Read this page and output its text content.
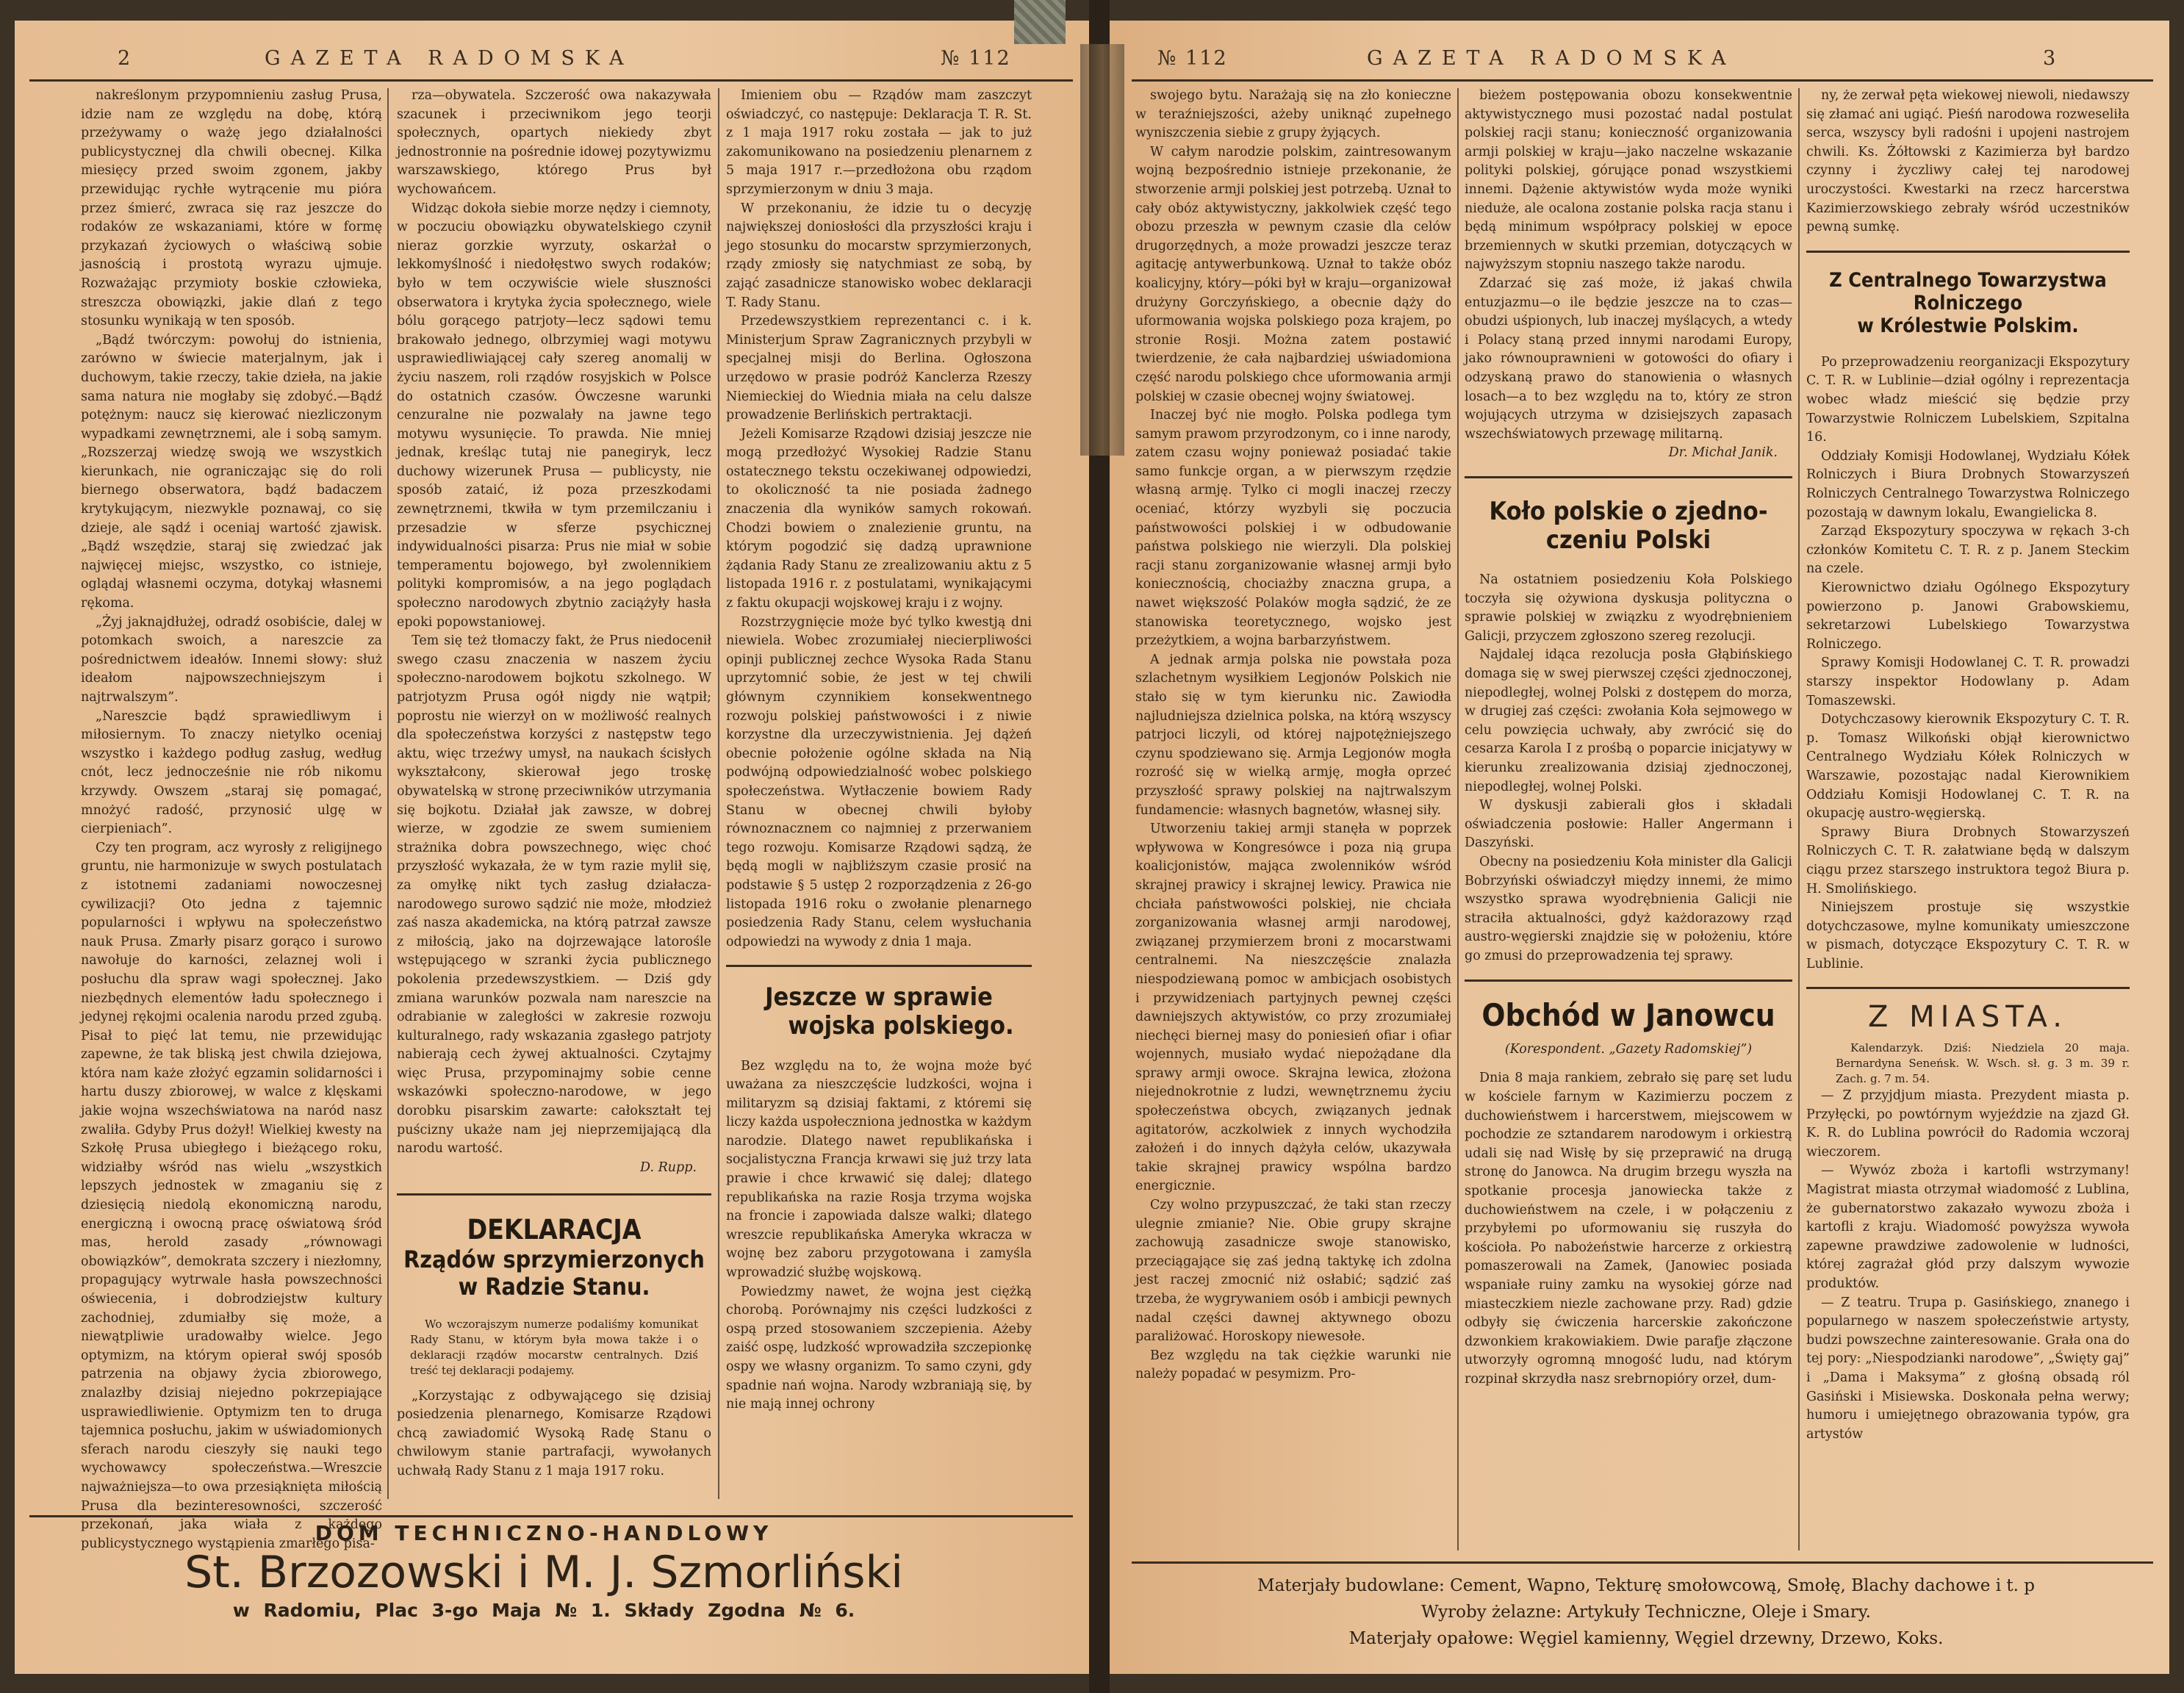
2	GAZETA RADOMSKA	№ 112	№ 112	GAZETA RADOMSKA	3

nakreślonym przypomnieniu zasług Prusa, idzie nam ze względu na dobę, którą przeżywamy o ważę jego działalności publicystycznej dla chwili obecnej. Kilka miesięcy przed swoim zgonem, jakby przewidując rychłe wytrącenie mu pióra przez śmierć, zwraca się raz jeszcze do rodaków ze wskazaniami, które w formę przykazań życiowych o właściwą sobie jasnością i prostotą wyrazu ujmuje. Rozważając przymioty boskie człowieka, streszcza obowiązki, jakie dlań z tego stosunku wynikają w ten sposób.

„Bądź twórczym: powołuj do istnienia, zarówno w świecie materjalnym, jak i duchowym, takie rzeczy, takie dzieła, na jakie sama natura nie mogłaby się zdobyć.—Bądź potężnym: naucz się kierować niezliczonym wypadkami zewnętrznemi, ale i sobą samym. „Rozszerzaj wiedzę swoją we wszystkich kierunkach, nie ograniczając się do roli biernego obserwatora, bądź badaczem krytykującym, niezwykle poznawaj, co się dzieje, ale sądź i oceniaj wartość zjawisk. „Bądź wszędzie, staraj się zwiedzać jak najwięcej miejsc, wszystko, co istnieje, oglądaj własnemi oczyma, dotykaj własnemi rękoma.

„Żyj jaknajdłużej, odradź osobiście, dalej w potomkach swoich, a nareszcie za pośrednictwem ideałów. Innemi słowy: służ ideałom najpowszechniejszym i najtrwalszym”.

„Nareszcie bądź sprawiedliwym i miłosiernym. To znaczy nietylko oceniaj wszystko i każdego podług zasług, według cnót, lecz jednocześnie nie rób nikomu krzywdy. Owszem „staraj się pomagać, mnożyć radość, przynosić ulgę w cierpieniach”.

Czy ten program, acz wyrosły z religijnego gruntu, nie harmonizuje w swych postulatach z istotnemi zadaniami nowoczesnej cywilizacji? Oto jedna z tajemnic popularności i wpływu na społeczeństwo nauk Prusa. Zmarły pisarz gorąco i surowo nawołuje do karności, zelaznej woli i posłuchu dla spraw wagi społecznej. Jako niezbędnych elementów ładu społecznego i jedynej rękojmi ocalenia narodu przed zgubą. Pisał to pięć lat temu, nie przewidując zapewne, że tak bliską jest chwila dziejowa, która nam każe złożyć egzamin solidarności i hartu duszy zbiorowej, w walce z klęskami jakie wojna wszechświatowa na naród nasz zwaliła. Gdyby Prus dożył! Wielkiej kwesty na Szkołę Prusa ubiegłego i bieżącego roku, widziałby wśród nas wielu „wszystkich lepszych jednostek w zmaganiu się z dziesięcią niedolą ekonomiczną narodu, energiczną i owocną pracę oświatową śród mas, herold zasady „równowagi obowiązków”, demokrata szczery i niezłomny, propagujący wytrwale hasła powszechności oświecenia, i dobrodziejstw kultury zachodniej, zdumiałby się może, a niewątpliwie uradowałby wielce. Jego optymizm, na którym opierał swój sposób patrzenia na objawy życia zbiorowego, znalazłby dzisiaj niejedno pokrzepiające usprawiedliwienie. Optymizm ten to druga tajemnica posłuchu, jakim w uświadomionych sferach narodu cieszyły się nauki tego wychowawcy społeczeństwa.—Wreszcie najważniejsza—to owa przesiąknięta miłością Prusa dla bezinteresowności, szczerość przekonań, jaka wiała z każdego publicystycznego wystąpienia zmarłego pisa-

rza—obywatela. Szczerość owa nakazywała szacunek i przeciwnikom jego teorji społecznych, opartych niekiedy zbyt jednostronnie na pośrednie idowej pozytywizmu warszawskiego, którego Prus był wychowańcem.

Widząc dokoła siebie morze nędzy i ciemnoty, w poczuciu obowiązku obywatelskiego czynił nieraz gorzkie wyrzuty, oskarżał o lekkomyślność i niedołęstwo swych rodaków; było w tem oczywiście wiele słuszności obserwatora i krytyka życia społecznego, wiele bólu gorącego patrjoty—lecz sądowi temu brakowało jednego, olbrzymiej wagi motywu usprawiedliwiającej cały szereg anomalij w życiu naszem, roli rządów rosyjskich w Polsce do ostatnich czasów. Ówczesne warunki cenzuralne nie pozwalały na jawne tego motywu wysunięcie. To prawda. Nie mniej jednak, kreśląc tutaj nie panegiryk, lecz duchowy wizerunek Prusa — publicysty, nie sposób zataić, iż poza przeszkodami zewnętrznemi, tkwiła w tym przemilczaniu i przesadzie w sferze psychicznej indywidualności pisarza: Prus nie miał w sobie temperamentu bojowego, był zwolennikiem polityki kompromisów, a na jego poglądach społeczno narodowych zbytnio zaciążyły hasła epoki popowstaniowej.

Tem się też tłomaczy fakt, że Prus niedocenił swego czasu znaczenia w naszem życiu społeczno-narodowem bojkotu szkolnego. W patrjotyzm Prusa ogół nigdy nie wątpił; poprostu nie wierzył on w możliwość realnych dla społeczeństwa korzyści z następstw tego aktu, więc trzeźwy umysł, na naukach ścisłych wykształcony, skierował jego troskę obywatelską w stronę przeciwników utrzymania się bojkotu. Działał jak zawsze, w dobrej wierze, w zgodzie ze swem sumieniem strażnika dobra powszechnego, więc choć przyszłość wykazała, że w tym razie mylił się, za omyłkę nikt tych zasług działacza-narodowego surowo sądzić nie może, młodzież zaś nasza akademicka, na którą patrzał zawsze z miłością, jako na dojrzewające latorośle wstępującego w szranki życia publicznego pokolenia przedewszystkiem. — Dziś gdy zmiana warunków pozwala nam nareszcie na odrabianie w zaległości w zakresie rozwoju kulturalnego, rady wskazania zgasłego patrjoty nabierają cech żywej aktualności. Czytajmy więc Prusa, przypominajmy sobie cenne wskazówki społeczno-narodowe, w jego dorobku pisarskim zawarte: całokształt tej puścizny ukaże nam jej nieprzemijającą dla narodu wartość.

D. Rupp.
DEKLARACJA
Rządów sprzymierzonych
w Radzie Stanu.

Wo wczorajszym numerze podaliśmy komunikat Rady Stanu, w którym była mowa także i o deklaracji rządów mocarstw centralnych. Dziś treść tej deklaracji podajemy.

„Korzystając z odbywającego się dzisiaj posiedzenia plenarnego, Komisarze Rządowi chcą zawiadomić Wysoką Radę Stanu o chwilowym stanie partrafacji, wywołanych uchwałą Rady Stanu z 1 maja 1917 roku.

Imieniem obu — Rządów mam zaszczyt oświadczyć, co następuje: Deklaracja T. R. St. z 1 maja 1917 roku została — jak to już zakomunikowano na posiedzeniu plenarnem z 5 maja 1917 r.—przedłożona obu rządom sprzymierzonym w dniu 3 maja.

W przekonaniu, że idzie tu o decyzję największej doniosłości dla przyszłości kraju i jego stosunku do mocarstw sprzymierzonych, rządy zmiosły się natychmiast ze sobą, by zająć zasadnicze stanowisko wobec deklaracji T. Rady Stanu.

Przedewszystkiem reprezentanci c. i k. Ministerjum Spraw Zagranicznych przybyli w specjalnej misji do Berlina. Ogłoszona urzędowo w prasie podróż Kanclerza Rzeszy Niemieckiej do Wiednia miała na celu dalsze prowadzenie Berlińskich pertraktacji.

Jeżeli Komisarze Rządowi dzisiaj jeszcze nie mogą przedłożyć Wysokiej Radzie Stanu ostatecznego tekstu oczekiwanej odpowiedzi, to okoliczność ta nie posiada żadnego znaczenia dla wyników samych rokowań. Chodzi bowiem o znalezienie gruntu, na którym pogodzić się dadzą uprawnione żądania Rady Stanu ze zrealizowaniu aktu z 5 listopada 1916 r. z postulatami, wynikającymi z faktu okupacji wojskowej kraju i z wojny.

Rozstrzygnięcie może być tylko kwestją dni niewiela. Wobec zrozumiałej niecierpliwości opinji publicznej zechce Wysoka Rada Stanu uprzytomnić sobie, że jest w tej chwili głównym czynnikiem konsekwentnego rozwoju polskiej państwowości i z niwie korzystne dla urzeczywistnienia. Jej dążeń obecnie położenie ogólne składa na Nią podwójną odpowiedzialność wobec polskiego społeczeństwa. Wytłaczenie bowiem Rady Stanu w obecnej chwili byłoby równoznacznem co najmniej z przerwaniem tego rozwoju. Komisarze Rządowi sądzą, że będą mogli w najbliższym czasie prosić na podstawie § 5 ustęp 2 rozporządzenia z 26-go listopada 1916 roku o zwołanie plenarnego posiedzenia Rady Stanu, celem wysłuchania odpowiedzi na wywody z dnia 1 maja.

Jeszcze w sprawie
wojska polskiego.

Bez względu na to, że wojna może być uważana za nieszczęście ludzkości, wojna i militaryzm są dzisiaj faktami, z któremi się liczy każda uspołeczniona jednostka w każdym narodzie. Dlatego nawet republikańska i socjalistyczna Francja krwawi się już trzy lata prawie i chce krwawić się dalej; dlatego republikańska na razie Rosja trzyma wojska na froncie i zapowiada dalsze walki; dlatego wreszcie republikańska Ameryka wkracza w wojnę bez zaboru przygotowana i zamyśla wprowadzić służbę wojskową.

Powiedzmy nawet, że wojna jest ciężką chorobą. Porównajmy nis części ludzkości z ospą przed stosowaniem szczepienia. Ażeby zaiść ospę, ludzkość wprowadziła szczepionkę ospy we własny organizm. To samo czyni, gdy spadnie nań wojna. Narody wzbraniają się, by nie mają innej ochrony

swojego bytu. Narażają się na zło konieczne w teraźniejszości, ażeby uniknąć zupełnego wyniszczenia siebie z grupy żyjących.

W całym narodzie polskim, zaintresowanym wojną bezpośrednio istnieje przekonanie, że stworzenie armji polskiej jest potrzebą. Uznał to cały obóz aktywistyczny, jakkolwiek część tego obozu przeszła w pewnym czasie dla celów drugorzędnych, a może prowadzi jeszcze teraz agitację antywerbunkową. Uznał to także obóz koalicyjny, który—póki był w kraju—organizował drużyny Gorczyńskiego, a obecnie dąży do uformowania wojska polskiego poza krajem, po stronie Rosji. Można zatem postawić twierdzenie, że cała najbardziej uświadomiona część narodu polskiego chce uformowania armji polskiej w czasie obecnej wojny światowej.

Inaczej być nie mogło. Polska podlega tym samym prawom przyrodzonym, co i inne narody, zatem czasu wojny ponieważ posiadać takie samo funkcje organ, a w pierwszym rzędzie własną armję. Tylko ci mogli inaczej rzeczy oceniać, którzy wyzbyli się poczucia państwowości polskiej i w odbudowanie państwa polskiego nie wierzyli. Dla polskiej racji stanu zorganizowanie własnej armji było koniecznością, chociażby znaczna grupa, a nawet większość Polaków mogła sądzić, że ze stanowiska teoretycznego, wojsko jest przeżytkiem, a wojna barbarzyństwem.

A jednak armja polska nie powstała poza szlachetnym wysiłkiem Legjonów Polskich nie stało się w tym kierunku nic. Zawiodła najludniejsza dzielnica polska, na którą wszyscy patrjoci liczyli, od której najpotężniejszego czynu spodziewano się. Armja Legjonów mogła rozrość się w wielką armję, mogła oprzeć przyszłość sprawy polskiej na najtrwalszym fundamencie: własnych bagnetów, własnej siły.

Utworzeniu takiej armji stanęła w poprzek wpływowa w Kongresówce i poza nią grupa koalicjonistów, mająca zwolenników wśród skrajnej prawicy i skrajnej lewicy. Prawica nie chciała państwowości polskiej, nie chciała zorganizowania własnej armji narodowej, związanej przymierzem broni z mocarstwami centralnemi. Na nieszczęście znalazła niespodziewaną pomoc w ambicjach osobistych i przywidzeniach partyjnych pewnej części dawniejszych aktywistów, co przy zrozumiałej niechęci biernej masy do poniesień ofiar i ofiar wojennych, musiało wydać niepożądane dla sprawy armji owoce. Skrajna lewica, złożona niejednokrotnie z ludzi, wewnętrznemu życiu społeczeństwa obcych, związanych jednak agitatorów, aczkolwiek z innych wychodziła założeń i do innych dążyła celów, ukazywała takie skrajnej prawicy wspólna bardzo energicznie.

Czy wolno przypuszczać, że taki stan rzeczy ulegnie zmianie? Nie. Obie grupy skrajne zachowują zasadnicze swoje stanowisko, przeciągające się zaś jedną taktykę ich zdolna jest raczej zmocnić niż osłabić; sądzić zaś trzeba, że wygrywaniem osób i ambicji pewnych nadal części dawnej aktywnego obozu paraliżować. Horoskopy niewesołe.

Bez względu na tak ciężkie warunki nie należy popadać w pesymizm. Pro-

bieżem postępowania obozu konsekwentnie aktywistycznego musi pozostać nadal postulat polskiej racji stanu; konieczność organizowania armji polskiej w kraju—jako naczelne wskazanie polityki polskiej, górujące ponad wszystkiemi innemi. Dążenie aktywistów wyda może wyniki nieduże, ale ocalona zostanie polska racja stanu i będą minimum współpracy polskiej w epoce brzemiennych w skutki przemian, dotyczących w najwyższym stopniu naszego także narodu.

Zdarzać się zaś może, iż jakaś chwila entuzjazmu—o ile będzie jeszcze na to czas—obudzi uśpionych, lub inaczej myślących, a wtedy i Polacy staną przed innymi narodami Europy, jako równouprawnieni w gotowości do ofiary i odzyskaną prawo do stanowienia o własnych losach—a to bez względu na to, który ze stron wojujących utrzyma w dzisiejszych zapasach wszechświatowych przewagę militarną.

Dr. Michał Janik.
Koło polskie o zjedno-
czeniu Polski

Na ostatniem posiedzeniu Koła Polskiego toczyła się ożywiona dyskusja polityczna o sprawie polskiej w związku z wyodrębnieniem Galicji, przyczem zgłoszono szereg rezolucji.

Najdalej idąca rezolucja posła Głąbińskiego domaga się w swej pierwszej części zjednoczonej, niepodległej, wolnej Polski z dostępem do morza, w drugiej zaś części: zwołania Koła sejmowego w celu powzięcia uchwały, aby zwrócić się do cesarza Karola I z prośbą o poparcie inicjatywy w kierunku zrealizowania dzisiaj zjednoczonej, niepodległej, wolnej Polski.

W dyskusji zabierali głos i składali oświadczenia posłowie: Haller Angermann i Daszyński.

Obecny na posiedzeniu Koła minister dla Galicji Bobrzyński oświadczył między innemi, że mimo wszystko sprawa wyodrębnienia Galicji nie straciła aktualności, gdyż każdorazowy rząd austro-węgierski znajdzie się w położeniu, które go zmusi do przeprowadzenia tej sprawy.

Obchód w Janowcu
(Korespondent. „Gazety Radomskiej”)

Dnia 8 maja rankiem, zebrało się parę set ludu w kościele farnym w Kazimierzu poczem z duchowieństwem i harcerstwem, miejscowem w pochodzie ze sztandarem narodowym i orkiestrą udali się nad Wisłę by się przeprawić na drugą stronę do Janowca. Na drugim brzegu wyszła na spotkanie procesja janowiecka także z duchowieństwem na czele, i w połączeniu z przybyłemi po uformowaniu się ruszyła do kościoła. Po nabożeństwie harcerze z orkiestrą pomaszerowali na Zamek, (Janowiec posiada wspaniałe ruiny zamku na wysokiej górze nad miasteczkiem niezle zachowane przy. Rad) gdzie odbyły się ćwiczenia harcerskie zakończone dzwonkiem krakowiakiem. Dwie parafje złączone utworzyły ogromną mnogość ludu, nad którym rozpinał skrzydła nasz srebrnopióry orzeł, dum-

ny, że zerwał pęta wiekowej niewoli, niedawszy się złamać ani ugiąć. Pieśń narodowa rozweseliła serca, wszyscy byli radośni i upojeni nastrojem chwili. Ks. Żółtowski z Kazimierza był bardzo czynny i życzliwy całej tej narodowej uroczystości. Kwestarki na rzecz harcerstwa Kazimierzowskiego zebrały wśród uczestników pewną sumkę.

Z Centralnego Towarzystwa Rolniczego
w Królestwie Polskim.

Po przeprowadzeniu reorganizacji Ekspozytury C. T. R. w Lublinie—dział ogólny i reprezentacja wobec władz mieścić się będzie przy Towarzystwie Rolniczem Lubelskiem, Szpitalna 16.

Oddziały Komisji Hodowlanej, Wydziału Kółek Rolniczych i Biura Drobnych Stowarzyszeń Rolniczych Centralnego Towarzystwa Rolniczego pozostają w dawnym lokalu, Ewangielicka 8.

Zarząd Ekspozytury spoczywa w rękach 3-ch członków Komitetu C. T. R. z p. Janem Steckim na czele.

Kierownictwo działu Ogólnego Ekspozytury powierzono p. Janowi Grabowskiemu, sekretarzowi Lubelskiego Towarzystwa Rolniczego.

Sprawy Komisji Hodowlanej C. T. R. prowadzi starszy inspektor Hodowlany p. Adam Tomaszewski.

Dotychczasowy kierownik Ekspozytury C. T. R. p. Tomasz Wilkoński objął kierownictwo Centralnego Wydziału Kółek Rolniczych w Warszawie, pozostając nadal Kierownikiem Oddziału Komisji Hodowlanej C. T. R. na okupację austro-węgierską.

Sprawy Biura Drobnych Stowarzyszeń Rolniczych C. T. R. załatwiane będą w dalszym ciągu przez starszego instruktora tegoż Biura p. H. Smolińskiego.

Niniejszem prostuje się wszystkie dotychczasowe, mylne komunikaty umieszczone w pismach, dotyczące Ekspozytury C. T. R. w Lublinie.

Z MIASTA.

Kalendarzyk. Dziś: Niedziela 20 maja. Bernardyna Seneńsk. W. Wsch. sł. g. 3 m. 39 r. Zach. g. 7 m. 54.

— Z przyjdjum miasta. Prezydent miasta p. Przyłęcki, po powtórnym wyjeździe na zjazd Gł. K. R. do Lublina powrócił do Radomia wczoraj wieczorem.

— Wywóz zboża i kartofli wstrzymany! Magistrat miasta otrzymał wiadomość z Lublina, że gubernatorstwo zakazało wywozu zboża i kartofli z kraju. Wiadomość powyższa wywoła zapewne prawdziwe zadowolenie w ludności, której zagrażał głód przy dalszym wywozie produktów.

— Z teatru. Trupa p. Gasińskiego, znanego i popularnego w naszem społeczeństwie artysty, budzi powszechne zainteresowanie. Grała ona do tej pory: „Niespodzianki narodowe”, „Święty gaj” i „Dama i Maksyma” z głośną obsadą ról Gasiński i Misiewska. Doskonała pełna werwy; humoru i umiejętnego obrazowania typów, gra artystów

DOM TECHNICZNO-HANDLOWY
St. Brzozowski i M. J. Szmorliński
w Radomiu, Plac 3-go Maja № 1. Składy Zgodna № 6.
Materjały budowlane: Cement, Wapno, Tekturę smołowcową, Smołę, Blachy dachowe i t. p
Wyroby żelazne: Artykuły Techniczne, Oleje i Smary.
Materjały opałowe: Węgiel kamienny, Węgiel drzewny, Drzewo, Koks.
